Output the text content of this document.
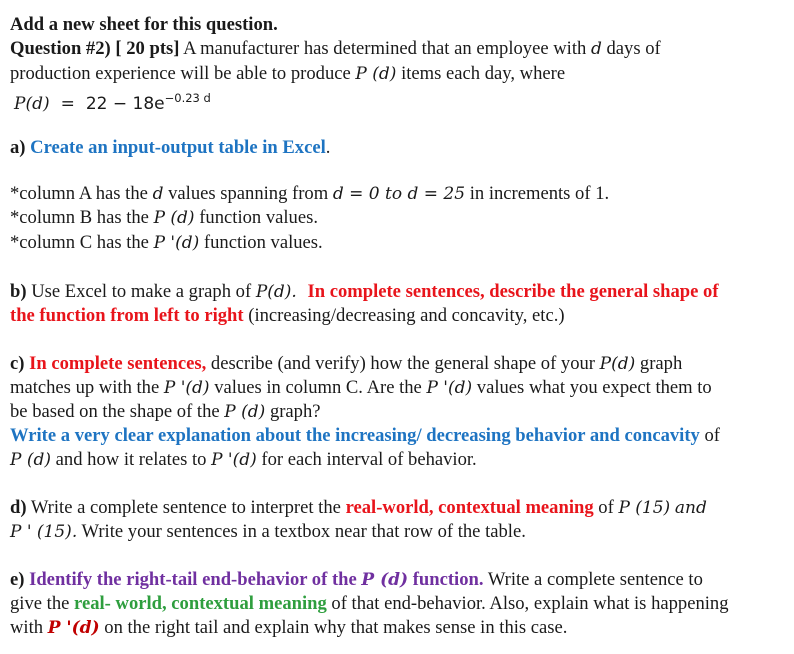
Add a new sheet for this question.
Question #2) [ 20 pts] A manufacturer has determined that an employee with d days of
production experience will be able to produce P (d) items each day, where
$P(d) = 22 - 18e^{-0.23 d}$
a) Create an input-output table in Excel.
*column A has the d values spanning from d = 0 to d = 25 in increments of 1.
*column B has the P (d) function values.
*column C has the P '(d) function values.
b) Use Excel to make a graph of P(d). In complete sentences, describe the general shape of
the function from left to right (increasing/decreasing and concavity, etc.)
c) In complete sentences, describe (and verify) how the general shape of your P(d) graph
matches up with the P '(d) values in column C. Are the P '(d) values what you expect them to
be based on the shape of the P (d) graph?
Write a very clear explanation about the increasing/ decreasing behavior and concavity of
P (d) and how it relates to P '(d) for each interval of behavior.
d) Write a complete sentence to interpret the real-world, contextual meaning of P (15) and
P ' (15). Write your sentences in a textbox near that row of the table.
e) Identify the right-tail end-behavior of the P (d) function. Write a complete sentence to
give the real- world, contextual meaning of that end-behavior. Also, explain what is happening
with P '(d) on the right tail and explain why that makes sense in this case.
